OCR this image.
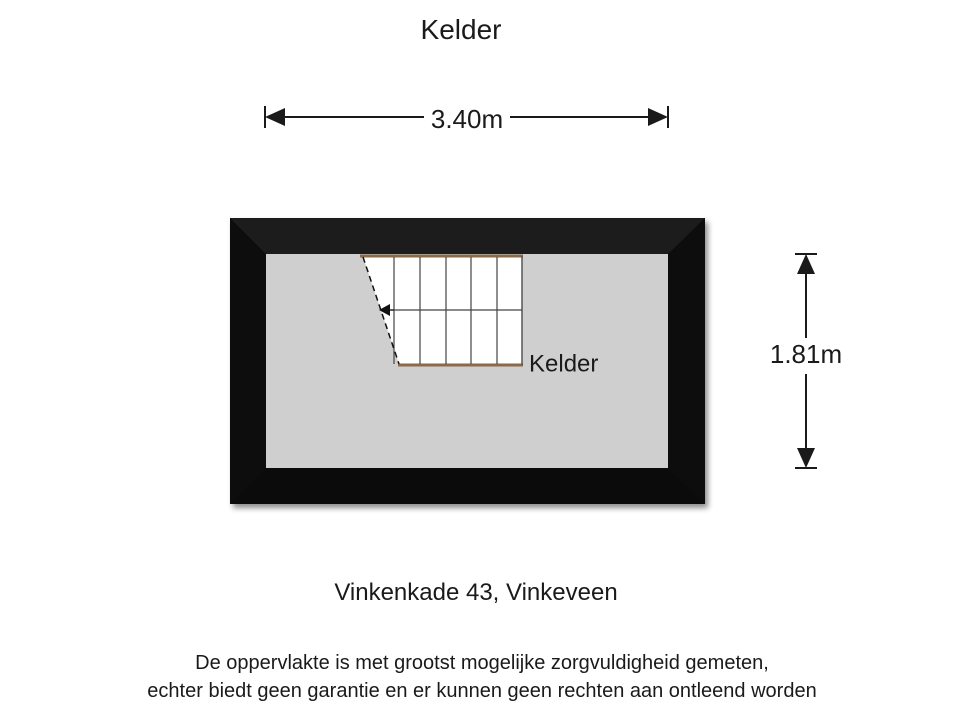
Kelder
3.40m
1.81m
Kelder
Vinkenkade 43, Vinkeveen
De oppervlakte is met grootst mogelijke zorgvuldigheid gemeten,
echter biedt geen garantie en er kunnen geen rechten aan ontleend worden
